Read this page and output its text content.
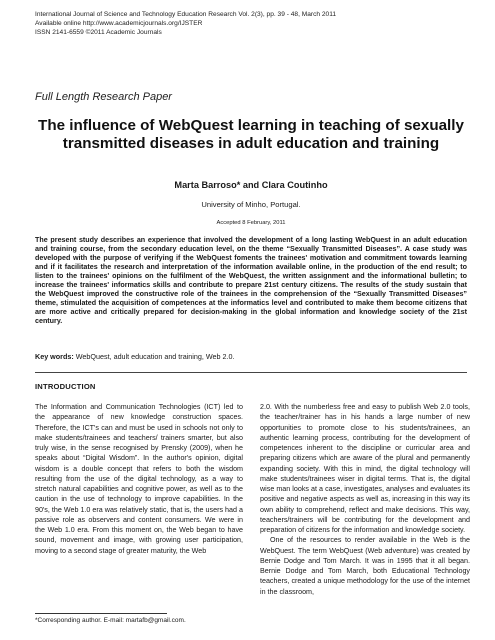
International Journal of Science and Technology Education Research Vol. 2(3), pp. 39 - 48, March 2011
Available online http://www.academicjournals.org/IJSTER
ISSN 2141-6559 ©2011 Academic Journals
Full Length Research Paper
The influence of WebQuest learning in teaching of sexually transmitted diseases in adult education and training
Marta Barroso* and Clara Coutinho
University of Minho, Portugal.
Accepted 8 February, 2011
The present study describes an experience that involved the development of a long lasting WebQuest in an adult education and training course, from the secondary education level, on the theme “Sexually Transmitted Diseases”. A case study was developed with the purpose of verifying if the WebQuest foments the trainees' motivation and commitment towards learning and if it facilitates the research and interpretation of the information available online, in the production of the end result; to listen to the trainees' opinions on the fulfilment of the WebQuest, the written assignment and the informational bulletin; to increase the trainees' informatics skills and contribute to prepare 21st century citizens. The results of the study sustain that the WebQuest improved the constructive role of the trainees in the comprehension of the “Sexually Transmitted Diseases” theme, stimulated the acquisition of competences at the informatics level and contributed to make them become citizens that are more active and critically prepared for decision-making in the global information and knowledge society of the 21st century.
Key words: WebQuest, adult education and training, Web 2.0.
INTRODUCTION

The Information and Communication Technologies (ICT) led to the appearance of new knowledge construction spaces. Therefore, the ICT's can and must be used in schools not only to make students/trainees and teachers/ trainers smarter, but also truly wise, in the sense recognised by Prensky (2009), when he speaks about “Digital Wisdom”. In the author's opinion, digital wisdom is a double concept that refers to both the wisdom resulting from the use of the digital technology, as a way to stretch natural capabilities and cognitive power, as well as to the caution in the use of technology to improve capabilities. In the 90's, the Web 1.0 era was relatively static, that is, the users had a passive role as observers and content consumers. We were in the Web 1.0 era. From this moment on, the Web began to have sound, movement and image, with growing user participation, moving to a second stage of greater maturity, the Web

2.0. With the numberless free and easy to publish Web 2.0 tools, the teacher/trainer has in his hands a large number of new opportunities to promote close to his students/trainees, an authentic learning process, contributing for the development of competences inherent to the discipline or curricular area and preparing citizens which are aware of the plural and permanently expanding society. With this in mind, the digital technology will make students/trainees wiser in digital terms. That is, the digital wise man looks at a case, investigates, analyses and evaluates its positive and negative aspects as well as, increasing in this way its own ability to comprehend, reflect and make decisions. This way, teachers/trainers will be contributing for the development and preparation of citizens for the information and knowledge society.

One of the resources to render available in the Web is the WebQuest. The term WebQuest (Web adventure) was created by Bernie Dodge and Tom March. It was in 1995 that it all began. Bernie Dodge and Tom March, both Educational Technology teachers, created a unique methodology for the use of the internet in the classroom,

*Corresponding author. E-mail: martafb@gmail.com.
